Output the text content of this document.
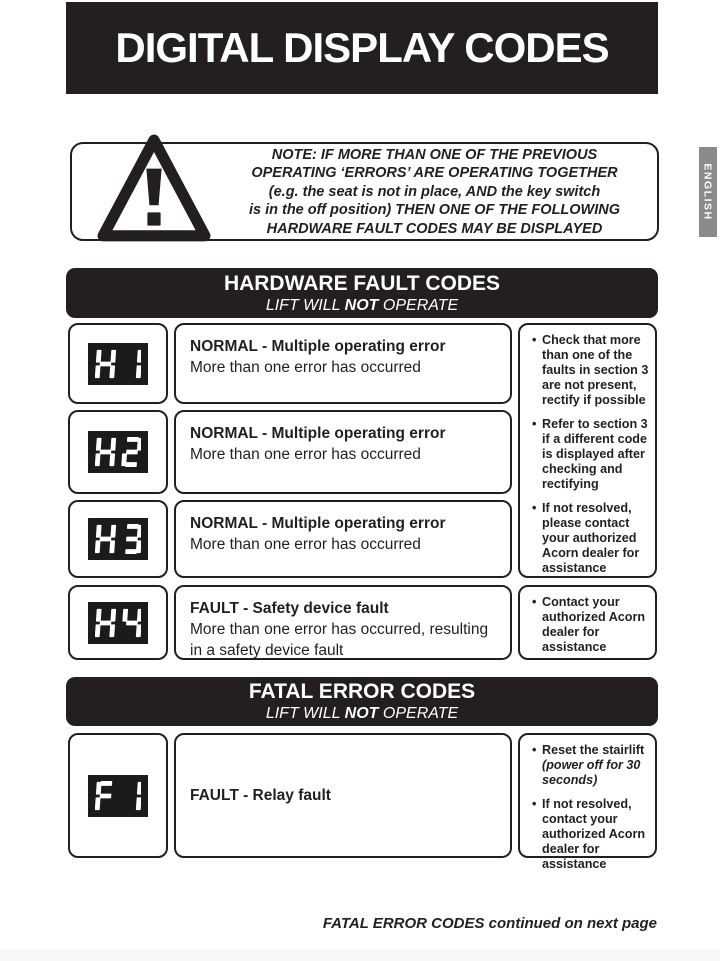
DIGITAL DISPLAY CODES
ENGLISH
NOTE: IF MORE THAN ONE OF THE PREVIOUS
OPERATING ‘ERRORS’ ARE OPERATING TOGETHER
(e.g. the seat is not in place, AND the key switch
is in the off position) THEN ONE OF THE FOLLOWING
HARDWARE FAULT CODES MAY BE DISPLAYED
HARDWARE FAULT CODES
LIFT WILL NOT OPERATE
NORMAL - Multiple operating error
More than one error has occurred
NORMAL - Multiple operating error
More than one error has occurred
NORMAL - Multiple operating error
More than one error has occurred
• Check that more than one of the faults in section 3 are not present, rectify if possible
• Refer to section 3 if a different code is displayed after checking and rectifying
• If not resolved, please contact your authorized Acorn dealer for assistance
FAULT - Safety device fault
More than one error has occurred, resulting in a safety device fault
• Contact your authorized Acorn dealer for assistance
FATAL ERROR CODES
LIFT WILL NOT OPERATE
FAULT - Relay fault
• Reset the stairlift (power off for 30 seconds)
• If not resolved, contact your authorized Acorn dealer for assistance
FATAL ERROR CODES continued on next page
